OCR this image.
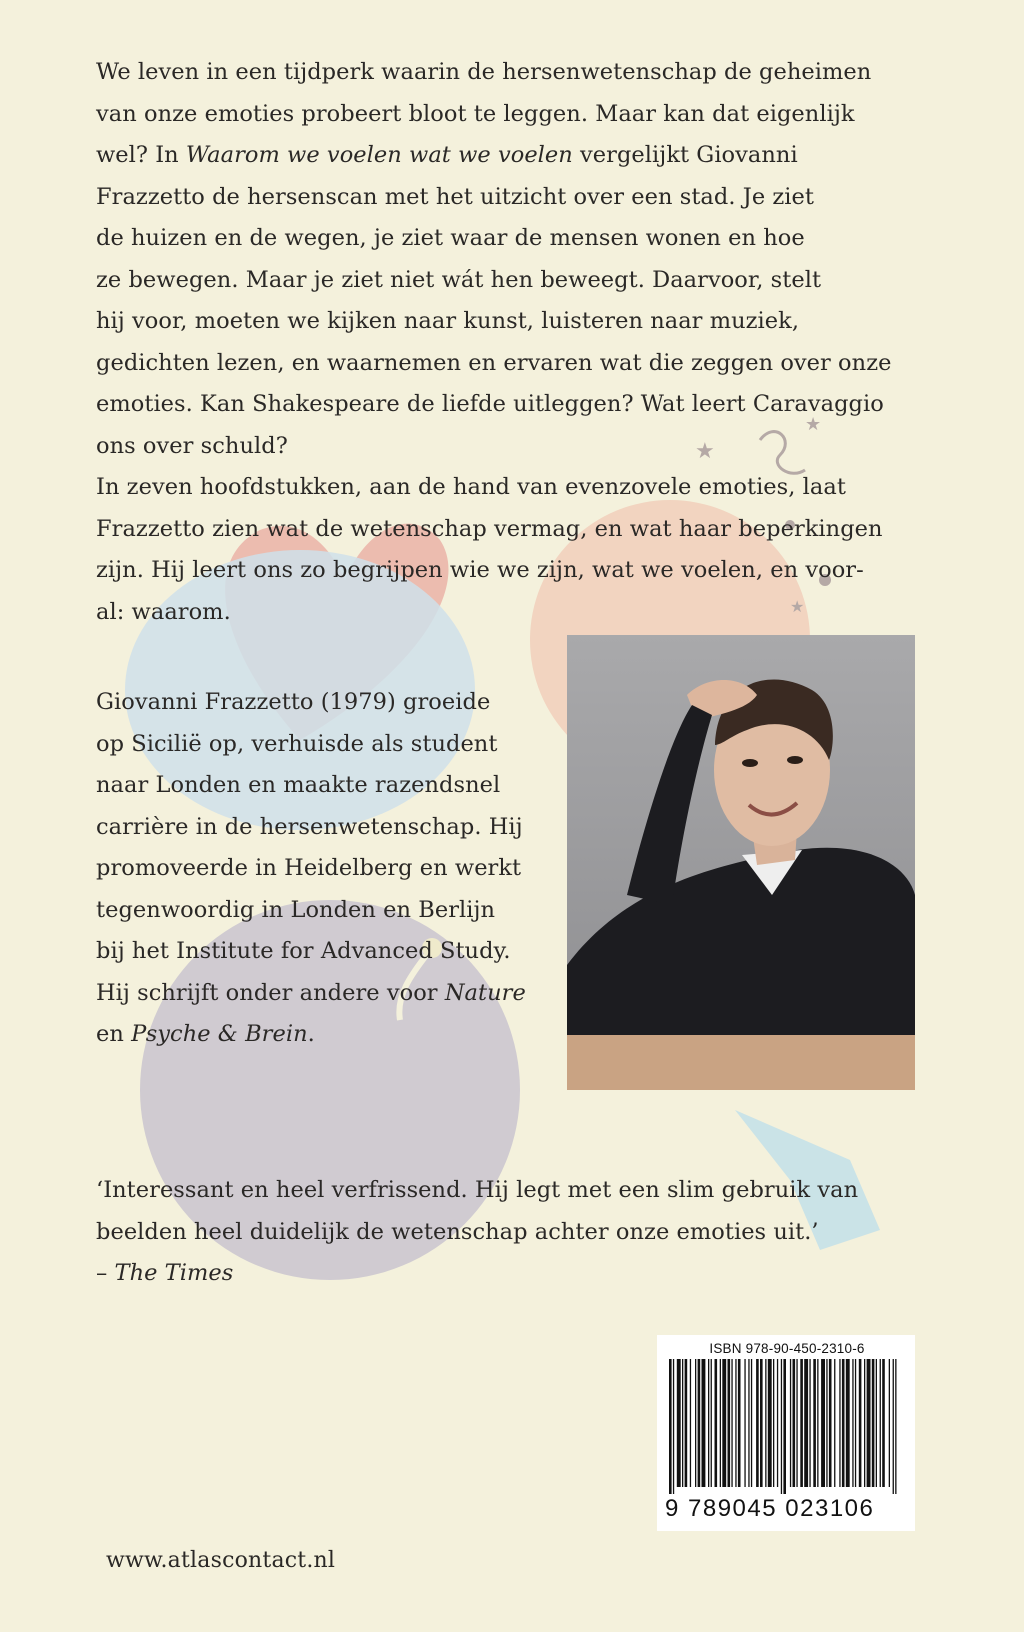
★
★
★
We leven in een tijdperk waarin de hersenwetenschap de geheimen
van onze emoties probeert bloot te leggen. Maar kan dat eigenlijk
wel? In Waarom we voelen wat we voelen vergelijkt Giovanni
Frazzetto de hersenscan met het uitzicht over een stad. Je ziet
de huizen en de wegen, je ziet waar de mensen wonen en hoe
ze bewegen. Maar je ziet niet wát hen beweegt. Daarvoor, stelt
hij voor, moeten we kijken naar kunst, luisteren naar muziek,
gedichten lezen, en waarnemen en ervaren wat die zeggen over onze
emoties. Kan Shakespeare de liefde uitleggen? Wat leert Caravaggio
ons over schuld?
In zeven hoofdstukken, aan de hand van evenzovele emoties, laat
Frazzetto zien wat de wetenschap vermag, en wat haar beperkingen
zijn. Hij leert ons zo begrijpen wie we zijn, wat we voelen, en voor-
al: waarom.
Giovanni Frazzetto (1979) groeide
op Sicilië op, verhuisde als student
naar Londen en maakte razendsnel
carrière in de hersenwetenschap. Hij
promoveerde in Heidelberg en werkt
tegenwoordig in Londen en Berlijn
bij het Institute for Advanced Study.
Hij schrijft onder andere voor Nature
en Psyche & Brein.
‘Interessant en heel verfrissend. Hij legt met een slim gebruik van
beelden heel duidelijk de wetenschap achter onze emoties uit.’
– The Times
ISBN 978-90-450-2310-6
9 789045 023106
www.atlascontact.nl
